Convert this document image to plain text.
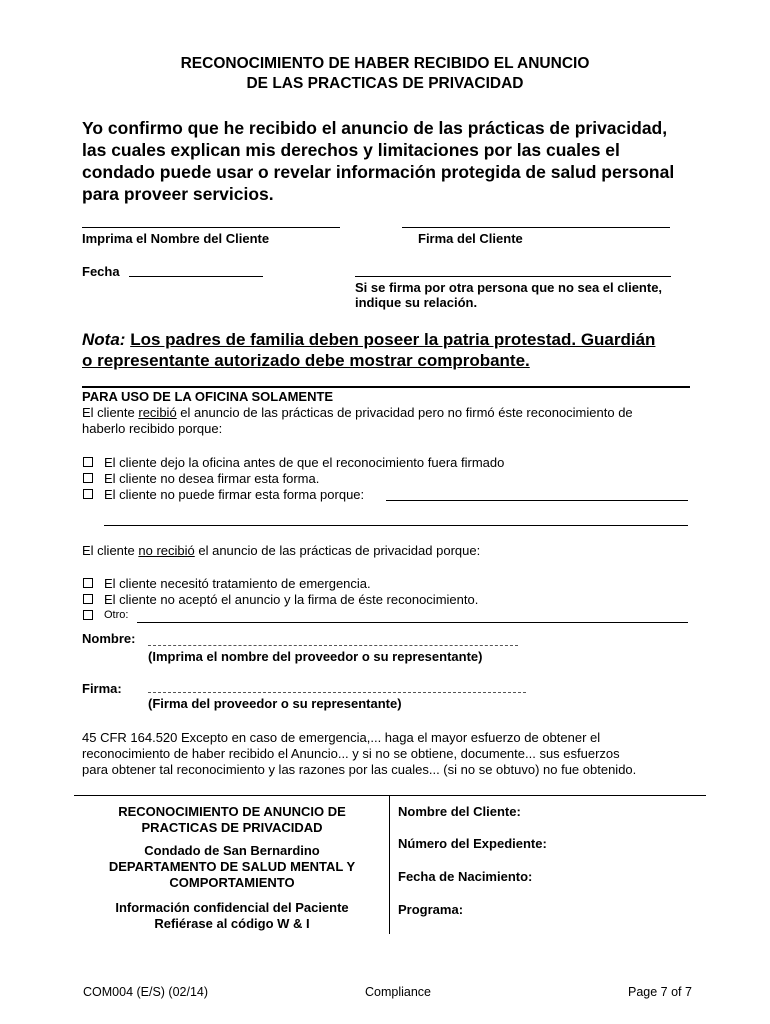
RECONOCIMIENTO DE HABER RECIBIDO EL ANUNCIO
DE LAS PRACTICAS DE PRIVACIDAD
Yo confirmo que he recibido el anuncio de las prácticas de privacidad,
las cuales explican mis derechos y limitaciones por las cuales el
condado puede usar o revelar información protegida de salud personal
para proveer servicios.
Imprima el Nombre del Cliente	Firma del Cliente
Fecha
Si se firma por otra persona que no sea el cliente,
indique su relación.
Nota: Los padres de familia deben poseer la patria protestad. Guardián
o representante autorizado debe mostrar comprobante.
PARA USO DE LA OFICINA SOLAMENTE
El cliente recibió el anuncio de las prácticas de privacidad pero no firmó éste reconocimiento de
haberlo recibido porque:
El cliente dejo la oficina antes de que el reconocimiento fuera firmado
El cliente no desea firmar esta forma.
El cliente no puede firmar esta forma porque:
El cliente no recibió el anuncio de las prácticas de privacidad porque:
El cliente necesitó tratamiento de emergencia.
El cliente no aceptó el anuncio y la firma de éste reconocimiento.
Otro:
Nombre:
(Imprima el nombre del proveedor o su representante)
Firma:
(Firma del proveedor o su representante)
45 CFR 164.520 Excepto en caso de emergencia,... haga el mayor esfuerzo de obtener el
reconocimiento de haber recibido el Anuncio... y si no se obtiene, documente... sus esfuerzos
para obtener tal reconocimiento y las razones por las cuales... (si no se obtuvo) no fue obtenido.
RECONOCIMIENTO DE ANUNCIO DE
PRACTICAS DE PRIVACIDAD
Condado de San Bernardino
DEPARTAMENTO DE SALUD MENTAL Y
COMPORTAMIENTO
Información confidencial del Paciente
Refiérase al código W & I
Nombre del Cliente:
Número del Expediente:
Fecha de Nacimiento:
Programa:
COM004 (E/S) (02/14)	Compliance	Page 7 of 7
